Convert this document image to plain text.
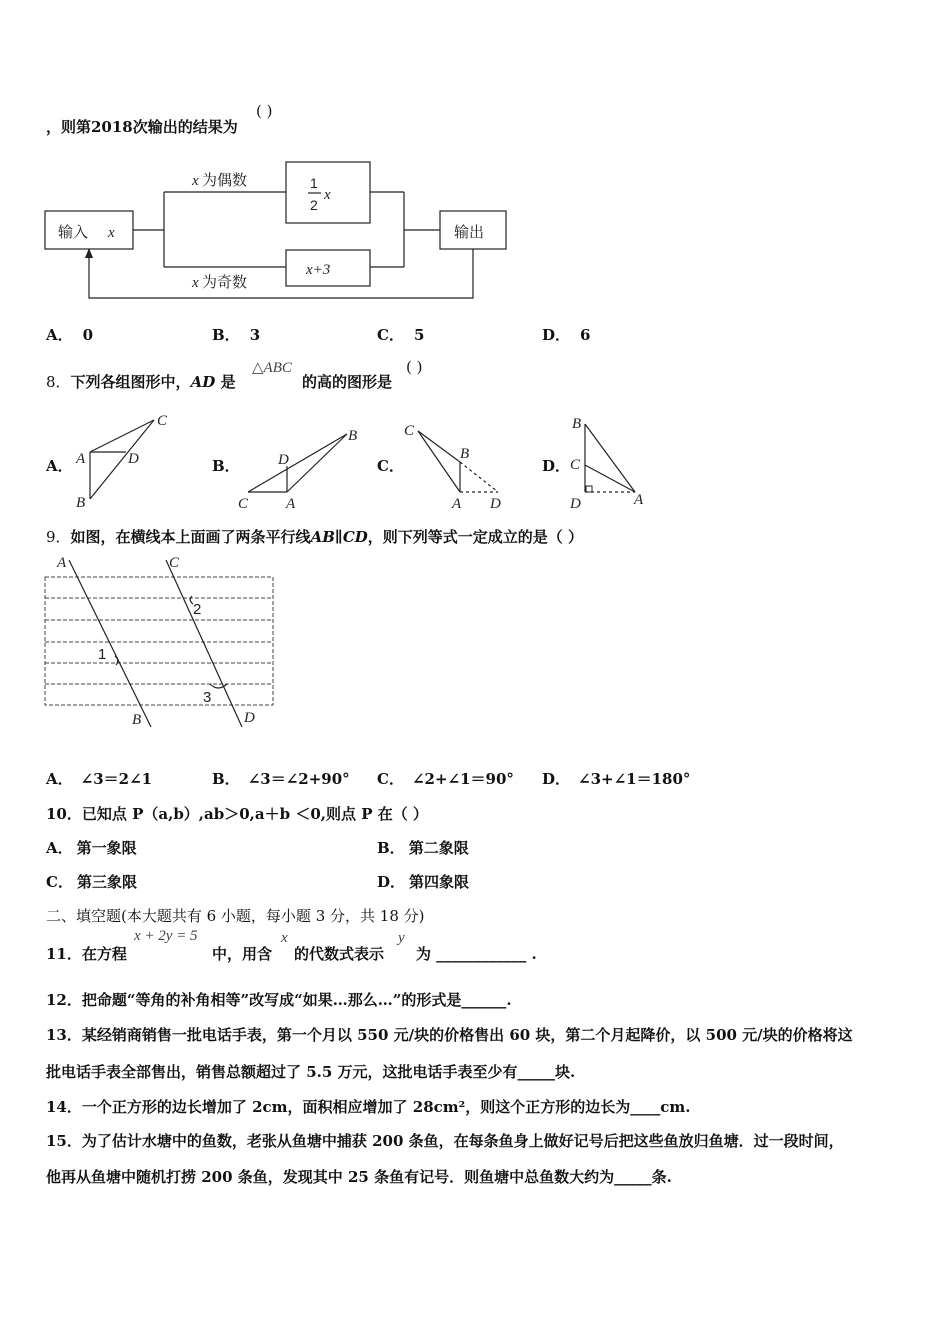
，则第2018次输出的结果为
( )
输入 x
x 为偶数
x 为奇数
1
2
x
x+3
输出
A． 0	B． 3	C． 5	D． 6
8．下列各组图形中，AD 是
△ABC
的高的图形是
( )
A． A
B
C
D	B．
C	A
B
D	C．
C
B
A D
D．
B
C
D	A
9．如图，在横线本上面画了两条平行线AB∥CD，则下列等式一定成立的是（ ）
A	C
B	D
1
2
3
A． ∠3＝2∠1	B． ∠3＝∠2+90° C． ∠2+∠1＝90° D． ∠3+∠1＝180°
10．已知点 P（a,b）,ab＞0,a＋b ＜0,则点 P 在（ ）
A． 第一象限	B． 第二象限
C． 第三象限	D． 第四象限
二、填空题(本大题共有 6 小题，每小题 3 分，共 18 分)
11．在方程
x + 2y = 5
中，用含
x
的代数式表示
y
为 ____________ .
12．把命题“等角的补角相等”改写成“如果…那么…”的形式是______.
13．某经销商销售一批电话手表，第一个月以 550 元/块的价格售出 60 块，第二个月起降价，以 500 元/块的价格将这
批电话手表全部售出，销售总额超过了 5.5 万元，这批电话手表至少有_____块.
14．一个正方形的边长增加了 2cm，面积相应增加了 28cm²，则这个正方形的边长为____cm.
15．为了估计水塘中的鱼数，老张从鱼塘中捕获 200 条鱼，在每条鱼身上做好记号后把这些鱼放归鱼塘．过一段时间，
他再从鱼塘中随机打捞 200 条鱼，发现其中 25 条鱼有记号．则鱼塘中总鱼数大约为_____条.
